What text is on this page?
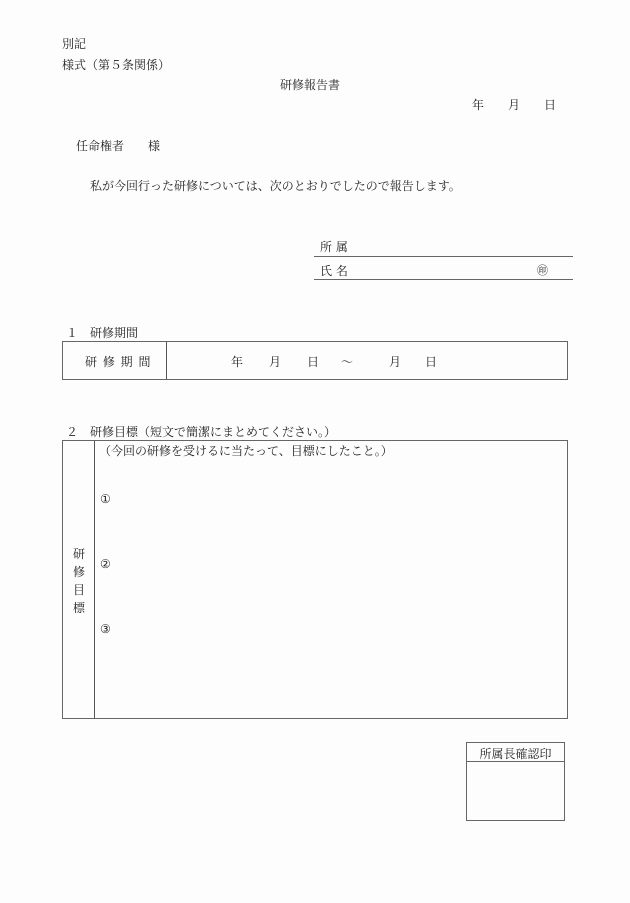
別記
様式（第５条関係）
研修報告書
年 月 日
任命権者 様
私が今回行った研修については、次のとおりでしたので報告します。
所 属
氏 名	㊞
１　研修期間
研 修 期 間	年 月 日 ～	月 日
２　研修目標（短文で簡潔にまとめてください。）
研
修
目
標
（今回の研修を受けるに当たって、目標にしたこと。）
①
②
③
所属長確認印
